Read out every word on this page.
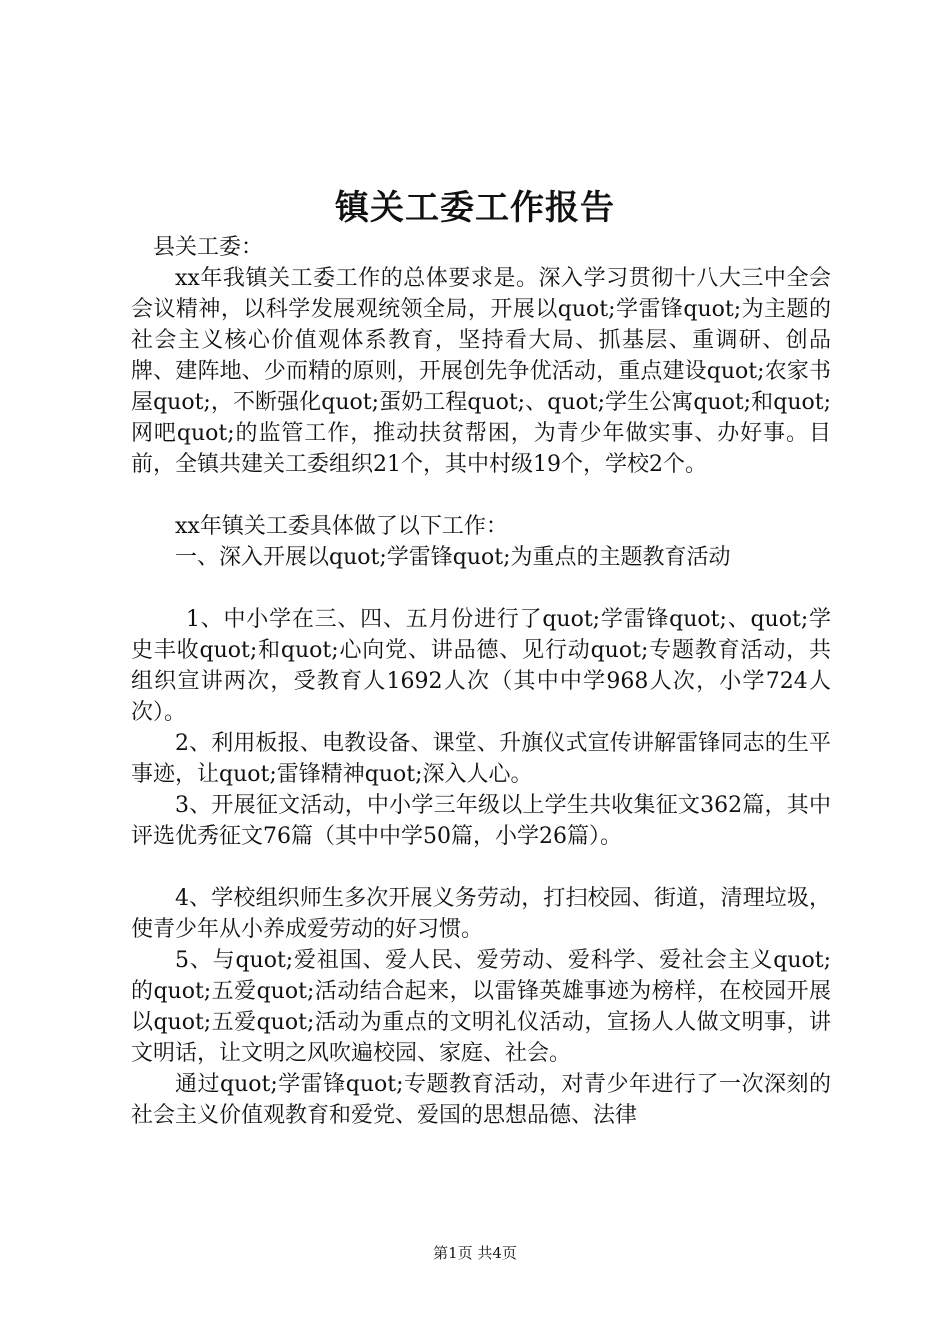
镇关工委工作报告

县关工委：

xx年我镇关工委工作的总体要求是。深入学习贯彻十八大三中全会会议精神，以科学发展观统领全局，开展以quot;学雷锋quot;为主题的社会主义核心价值观体系教育，坚持看大局、抓基层、重调研、创品牌、建阵地、少而精的原则，开展创先争优活动，重点建设quot;农家书屋quot;，不断强化quot;蛋奶工程quot;、quot;学生公寓quot;和quot;网吧quot;的监管工作，推动扶贫帮困，为青少年做实事、办好事。目前，全镇共建关工委组织21个，其中村级19个，学校2个。

xx年镇关工委具体做了以下工作：

一、深入开展以quot;学雷锋quot;为重点的主题教育活动

1、中小学在三、四、五月份进行了quot;学雷锋quot;、quot;学史丰收quot;和quot;心向党、讲品德、见行动quot;专题教育活动，共组织宣讲两次，受教育人1692人次（其中中学968人次，小学724人次）。

2、利用板报、电教设备、课堂、升旗仪式宣传讲解雷锋同志的生平事迹，让quot;雷锋精神quot;深入人心。

3、开展征文活动，中小学三年级以上学生共收集征文362篇，其中评选优秀征文76篇（其中中学50篇，小学26篇）。

4、学校组织师生多次开展义务劳动，打扫校园、街道，清理垃圾，使青少年从小养成爱劳动的好习惯。

5、与quot;爱祖国、爱人民、爱劳动、爱科学、爱社会主义quot;的quot;五爱quot;活动结合起来，以雷锋英雄事迹为榜样，在校园开展以quot;五爱quot;活动为重点的文明礼仪活动，宣扬人人做文明事，讲文明话，让文明之风吹遍校园、家庭、社会。

通过quot;学雷锋quot;专题教育活动，对青少年进行了一次深刻的社会主义价值观教育和爱党、爱国的思想品德、法律

第1页 共4页
